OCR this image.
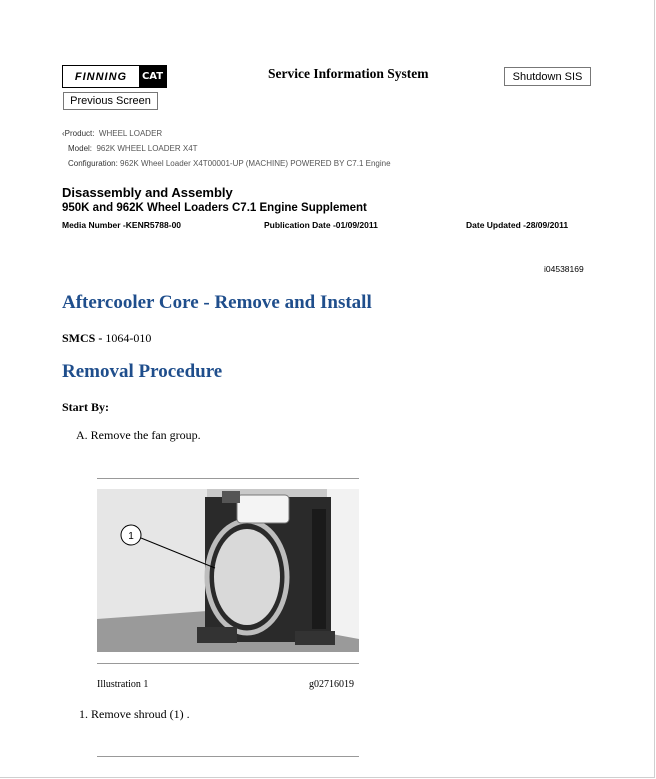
FINNING	CAT	Service Information System	Shutdown SIS
Previous Screen
‹Product: WHEEL LOADER
Model: 962K WHEEL LOADER X4T
Configuration: 962K Wheel Loader X4T00001-UP (MACHINE) POWERED BY C7.1 Engine
Disassembly and Assembly
950K and 962K Wheel Loaders C7.1 Engine Supplement
Media Number -KENR5788-00	Publication Date -01/09/2011	Date Updated -28/09/2011
i04538169
Aftercooler Core - Remove and Install
SMCS - 1064-010
Removal Procedure
Start By:
A. Remove the fan group.
1
Illustration 1	g02716019
1. Remove shroud (1) .
